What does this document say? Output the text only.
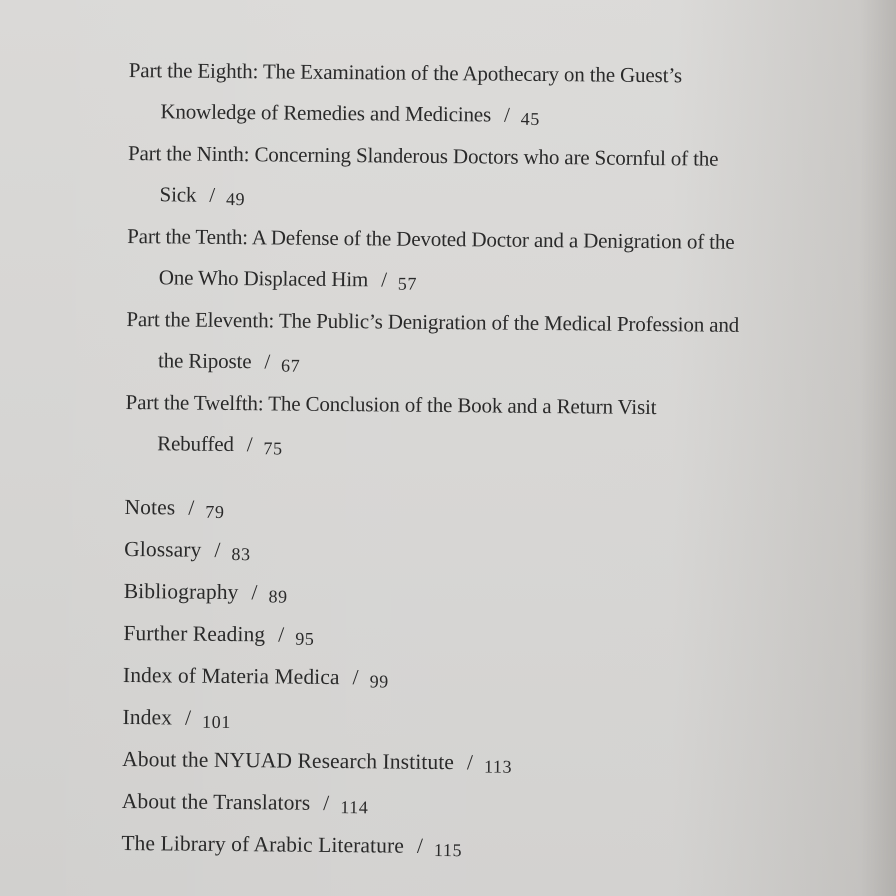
Part the Eighth: The Examination of the Apothecary on the Guest’s
Knowledge of Remedies and Medicines / 45
Part the Ninth: Concerning Slanderous Doctors who are Scornful of the
Sick / 49
Part the Tenth: A Defense of the Devoted Doctor and a Denigration of the
One Who Displaced Him / 57
Part the Eleventh: The Public’s Denigration of the Medical Profession and
the Riposte / 67
Part the Twelfth: The Conclusion of the Book and a Return Visit
Rebuffed / 75
Notes / 79
Glossary / 83
Bibliography / 89
Further Reading / 95
Index of Materia Medica / 99
Index / 101
About the NYUAD Research Institute / 113
About the Translators / 114
The Library of Arabic Literature / 115
